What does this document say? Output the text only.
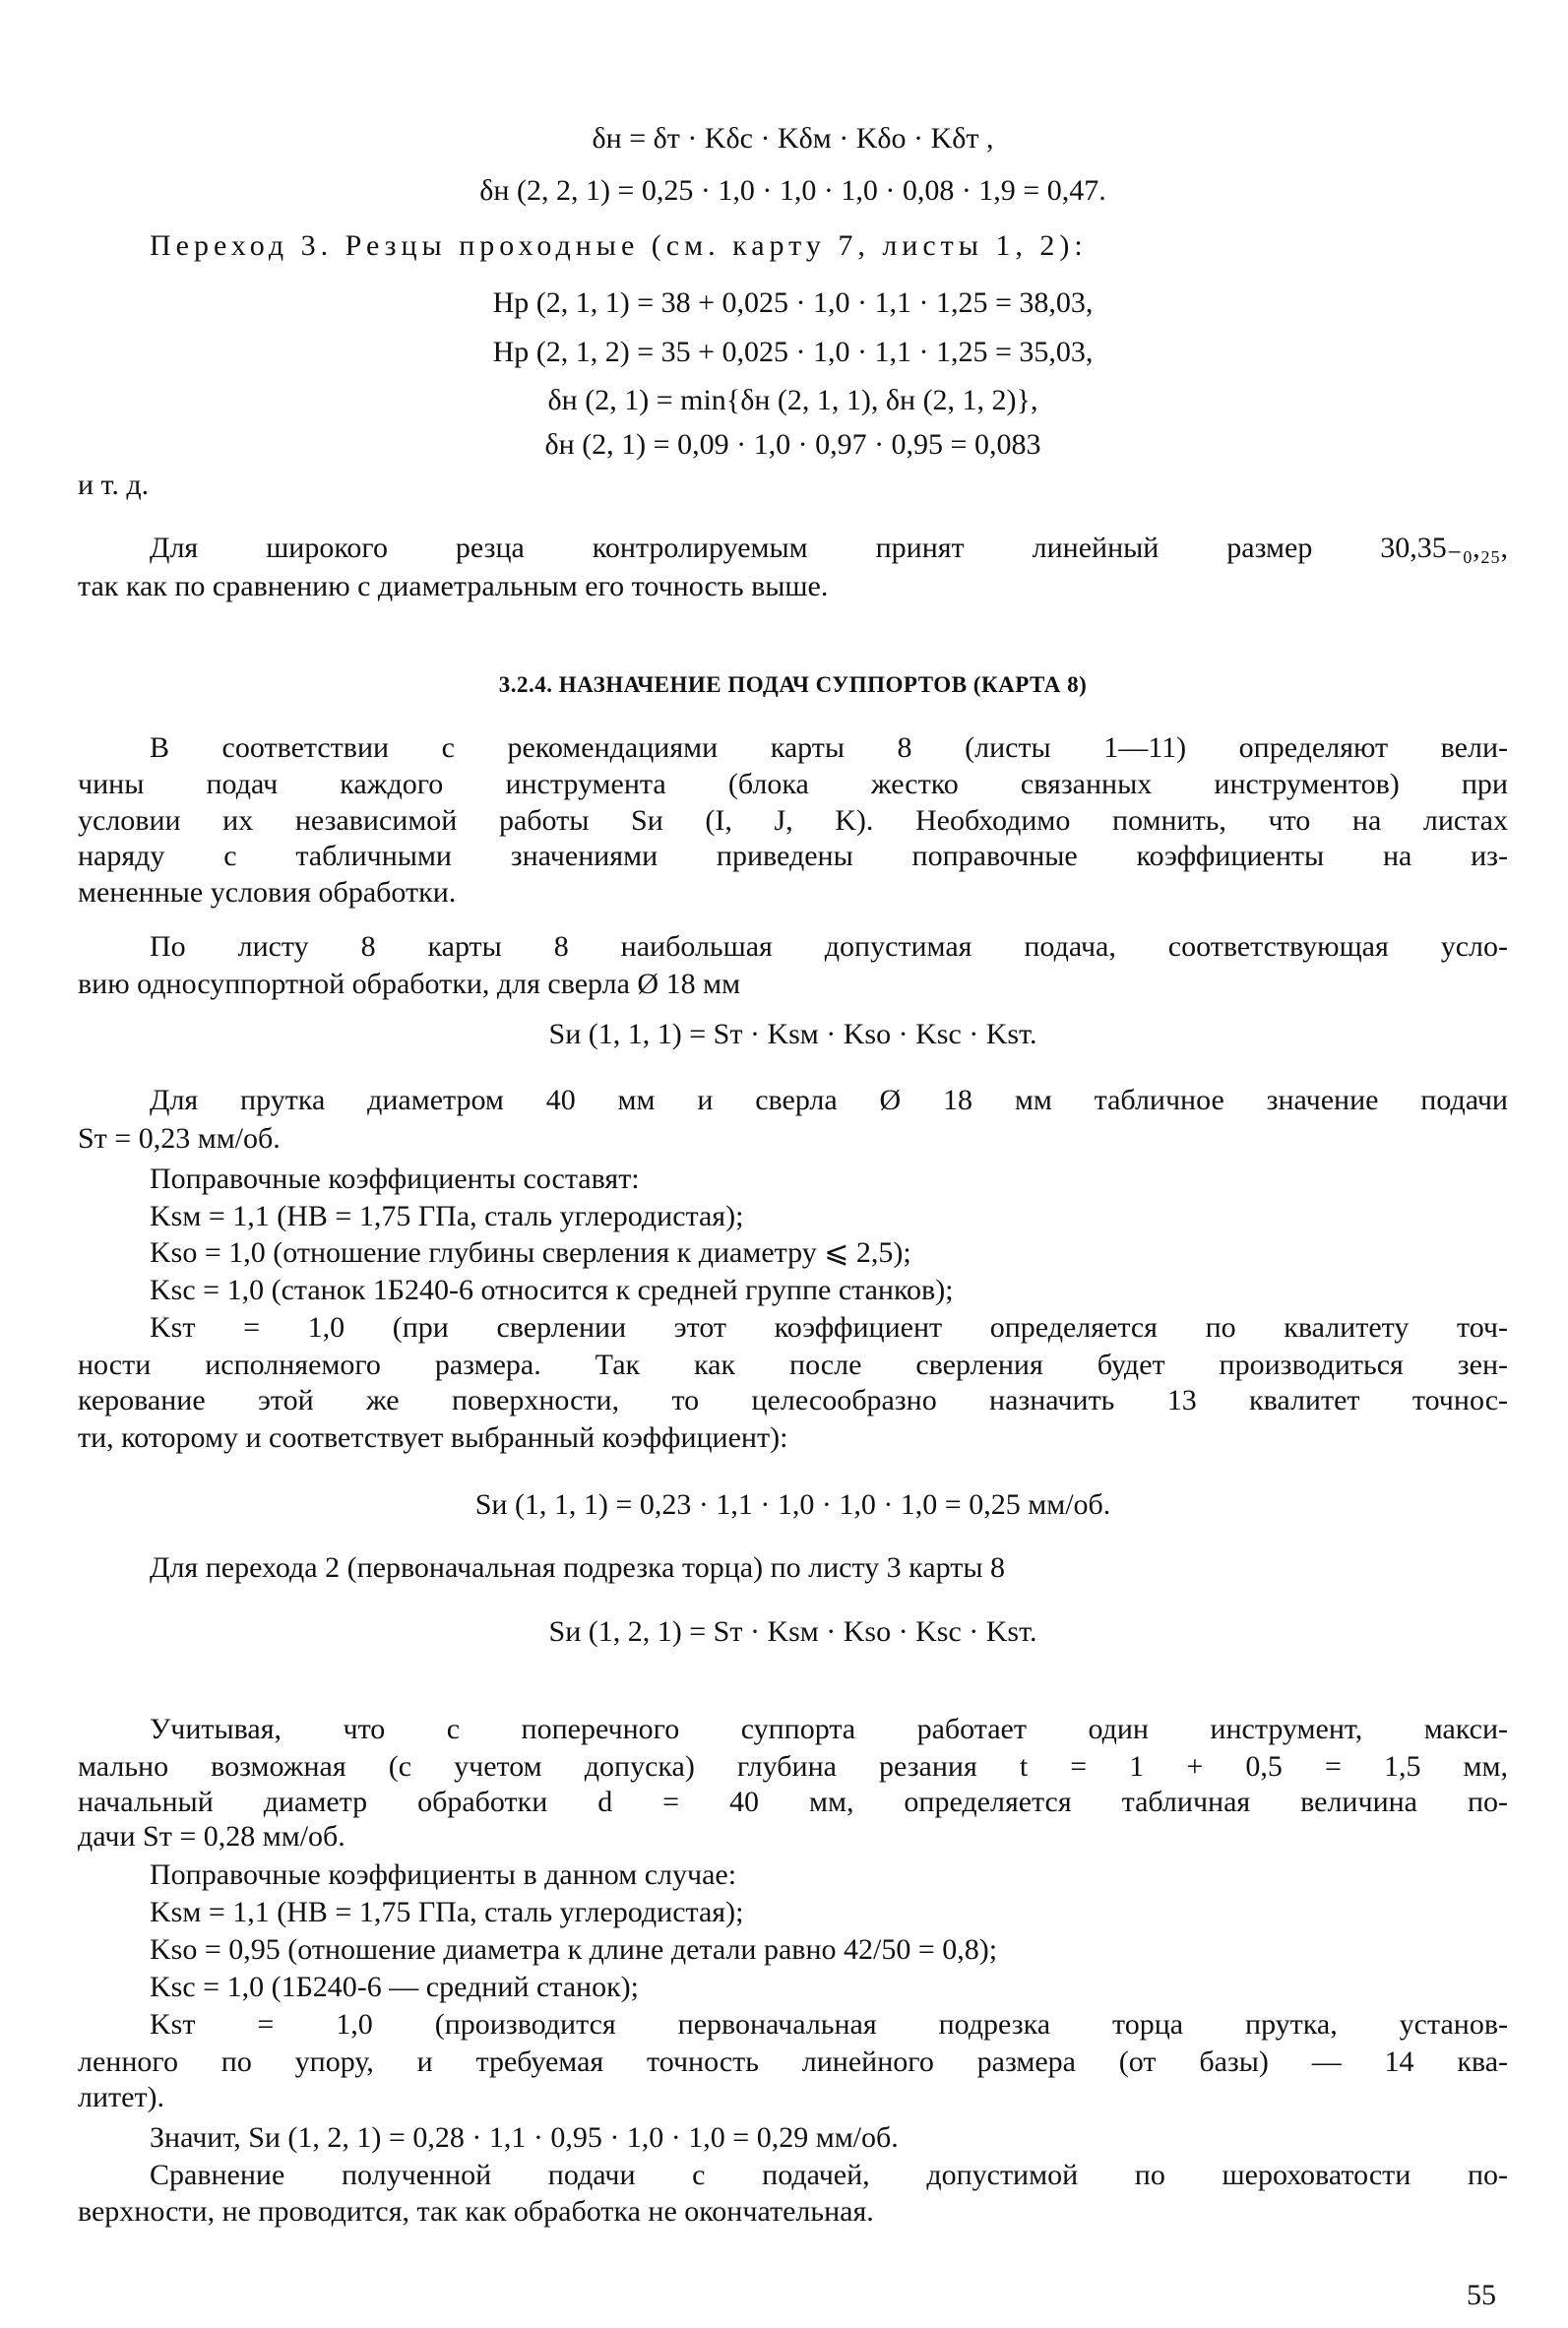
δн = δт · Kδс · Kδм · Kδо · Kδт ,
δн (2, 2, 1) = 0,25 · 1,0 · 1,0 · 1,0 · 0,08 · 1,9 = 0,47.
Переход 3. Резцы проходные (см. карту 7, листы 1, 2):
Hр (2, 1, 1) = 38 + 0,025 · 1,0 · 1,1 · 1,25 = 38,03,
Hр (2, 1, 2) = 35 + 0,025 · 1,0 · 1,1 · 1,25 = 35,03,
δн (2, 1) = min{δн (2, 1, 1), δн (2, 1, 2)},
δн (2, 1) = 0,09 · 1,0 · 0,97 · 0,95 = 0,083
и т. д.
Для широкого резца контролируемым принят линейный размер 30,35₋₀,₂₅,
так как по сравнению с диаметральным его точность выше.
3.2.4. НАЗНАЧЕНИЕ ПОДАЧ СУППОРТОВ (КАРТА 8)
В соответствии с рекомендациями карты 8 (листы 1—11) определяют вели-
чины подач каждого инструмента (блока жестко связанных инструментов) при
условии их независимой работы Sи (I, J, K). Необходимо помнить, что на листах
наряду с табличными значениями приведены поправочные коэффициенты на из-
мененные условия обработки.
По листу 8 карты 8 наибольшая допустимая подача, соответствующая усло-
вию односуппортной обработки, для сверла Ø 18 мм
Sи (1, 1, 1) = Sт · Kѕм · Kѕо · Kѕс · Kѕт.
Для прутка диаметром 40 мм и сверла Ø 18 мм табличное значение подачи
Sт = 0,23 мм/об.
Поправочные коэффициенты составят:
Kѕм = 1,1 (HB = 1,75 ГПа, сталь углеродистая);
Kѕо = 1,0 (отношение глубины сверления к диаметру ⩽ 2,5);
Kѕс = 1,0 (станок 1Б240-6 относится к средней группе станков);
Kѕт = 1,0 (при сверлении этот коэффициент определяется по квалитету точ-
ности исполняемого размера. Так как после сверления будет производиться зен-
керование этой же поверхности, то целесообразно назначить 13 квалитет точнос-
ти, которому и соответствует выбранный коэффициент):
Sи (1, 1, 1) = 0,23 · 1,1 · 1,0 · 1,0 · 1,0 = 0,25 мм/об.
Для перехода 2 (первоначальная подрезка торца) по листу 3 карты 8
Sи (1, 2, 1) = Sт · Kѕм · Kѕо · Kѕс · Kѕт.
Учитывая, что с поперечного суппорта работает один инструмент, макси-
мально возможная (с учетом допуска) глубина резания t = 1 + 0,5 = 1,5 мм,
начальный диаметр обработки d = 40 мм, определяется табличная величина по-
дачи Sт = 0,28 мм/об.
Поправочные коэффициенты в данном случае:
Kѕм = 1,1 (HB = 1,75 ГПа, сталь углеродистая);
Kѕо = 0,95 (отношение диаметра к длине детали равно 42/50 = 0,8);
Kѕс = 1,0 (1Б240-6 — средний станок);
Kѕт = 1,0 (производится первоначальная подрезка торца прутка, установ-
ленного по упору, и требуемая точность линейного размера (от базы) — 14 ква-
литет).
Значит, Sи (1, 2, 1) = 0,28 · 1,1 · 0,95 · 1,0 · 1,0 = 0,29 мм/об.
Сравнение полученной подачи с подачей, допустимой по шероховатости по-
верхности, не проводится, так как обработка не окончательная.
55
